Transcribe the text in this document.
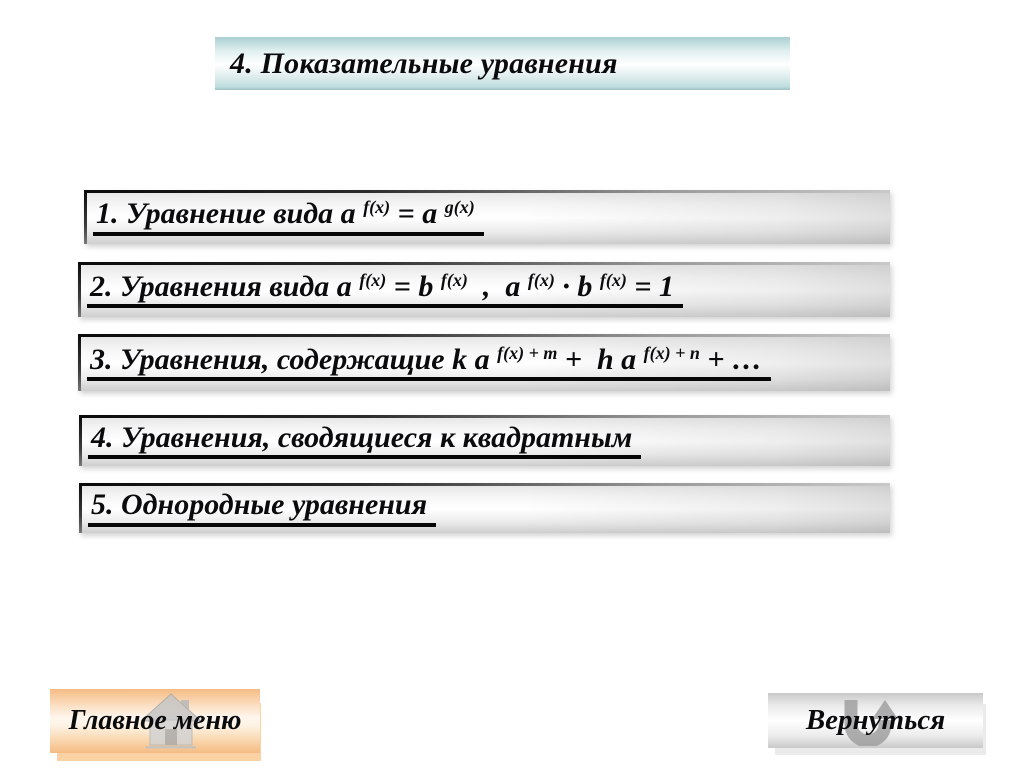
4. Показательные уравнения
1. Уравнение вида a $^{f(x)}$ = a $^{g(x)}$
2. Уравнения вида a $^{f(x)}$ = b $^{f(x)}$  ,  a $^{f(x)}$ · b $^{f(x)}$ = 1
3. Уравнения, содержащие k a $^{f(x) + m}$ +  h a $^{f(x) + n}$ + …
4. Уравнения, сводящиеся к квадратным
5. Однородные уравнения
Главное меню	Вернуться
